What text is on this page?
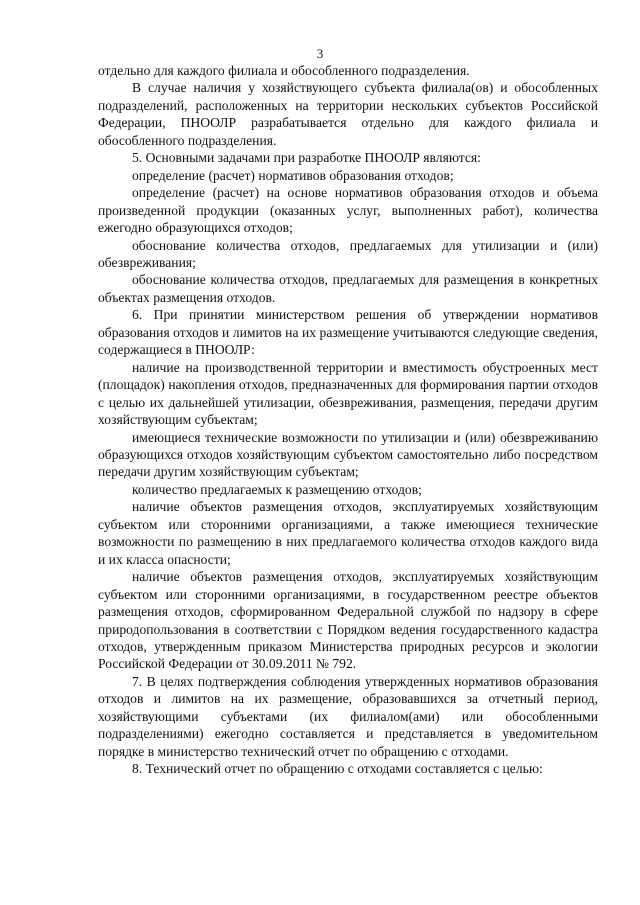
3

отдельно для каждого филиала и обособленного подразделения.

В случае наличия у хозяйствующего субъекта филиала(ов) и обособленных подразделений, расположенных на территории нескольких субъектов Российской Федерации, ПНООЛР разрабатывается отдельно для каждого филиала и обособленного подразделения.

5. Основными задачами при разработке ПНООЛР являются:

определение (расчет) нормативов образования отходов;

определение (расчет) на основе нормативов образования отходов и объема произведенной продукции (оказанных услуг, выполненных работ), количества ежегодно образующихся отходов;

обоснование количества отходов, предлагаемых для утилизации и (или) обезвреживания;

обоснование количества отходов, предлагаемых для размещения в конкретных объектах размещения отходов.

6. При принятии министерством решения об утверждении нормативов образования отходов и лимитов на их размещение учитываются следующие сведения, содержащиеся в ПНООЛР:

наличие на производственной территории и вместимость обустроенных мест (площадок) накопления отходов, предназначенных для формирования партии отходов с целью их дальнейшей утилизации, обезвреживания, размещения, передачи другим хозяйствующим субъектам;

имеющиеся технические возможности по утилизации и (или) обезвреживанию образующихся отходов хозяйствующим субъектом самостоятельно либо посредством передачи другим хозяйствующим субъектам;

количество предлагаемых к размещению отходов;

наличие объектов размещения отходов, эксплуатируемых хозяйствующим субъектом или сторонними организациями, а также имеющиеся технические возможности по размещению в них предлагаемого количества отходов каждого вида и их класса опасности;

наличие объектов размещения отходов, эксплуатируемых хозяйствующим субъектом или сторонними организациями, в государственном реестре объектов размещения отходов, сформированном Федеральной службой по надзору в сфере природопользования в соответствии с Порядком ведения государственного кадастра отходов, утвержденным приказом Министерства природных ресурсов и экологии Российской Федерации от 30.09.2011 № 792.

7. В целях подтверждения соблюдения утвержденных нормативов образования отходов и лимитов на их размещение, образовавшихся за отчетный период, хозяйствующими субъектами (их филиалом(ами) или обособленными подразделениями) ежегодно составляется и представляется в уведомительном порядке в министерство технический отчет по обращению с отходами.

8. Технический отчет по обращению с отходами составляется с целью:
